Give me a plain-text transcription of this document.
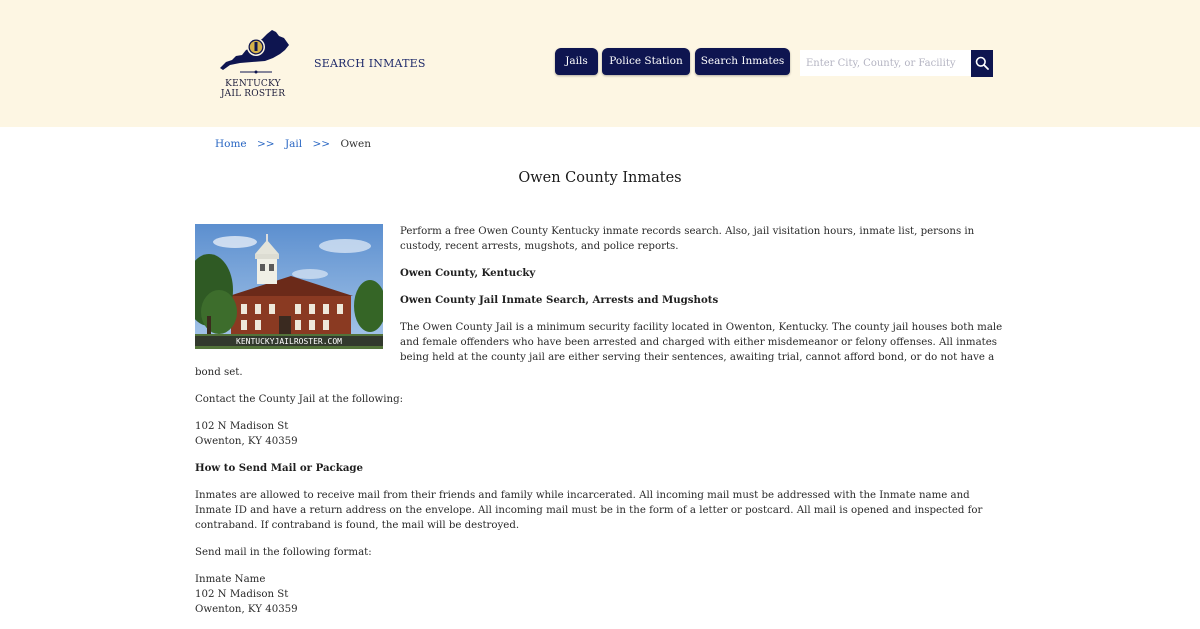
KENTUCKY
JAIL ROSTER
SEARCH INMATES	Jails	Police Station	Search Inmates
Enter City, County, or Facility
Home >> Jail >> Owen
Owen County Inmates
KENTUCKYJAILROSTER.COM

Perform a free Owen County Kentucky inmate records search. Also, jail visitation hours, inmate list, persons in custody, recent arrests, mugshots, and police reports.

Owen County, Kentucky

Owen County Jail Inmate Search, Arrests and Mugshots

The Owen County Jail is a minimum security facility located in Owenton, Kentucky. The county jail houses both male and female offenders who have been arrested and charged with either misdemeanor or felony offenses. All inmates being held at the county jail are either serving their sentences, awaiting trial, cannot afford bond, or do not have a bond set.

Contact the County Jail at the following:

102 N Madison St
Owenton, KY 40359

How to Send Mail or Package

Inmates are allowed to receive mail from their friends and family while incarcerated. All incoming mail must be addressed with the Inmate name and Inmate ID and have a return address on the envelope. All incoming mail must be in the form of a letter or postcard. All mail is opened and inspected for contraband. If contraband is found, the mail will be destroyed.

Send mail in the following format:

Inmate Name
102 N Madison St
Owenton, KY 40359
